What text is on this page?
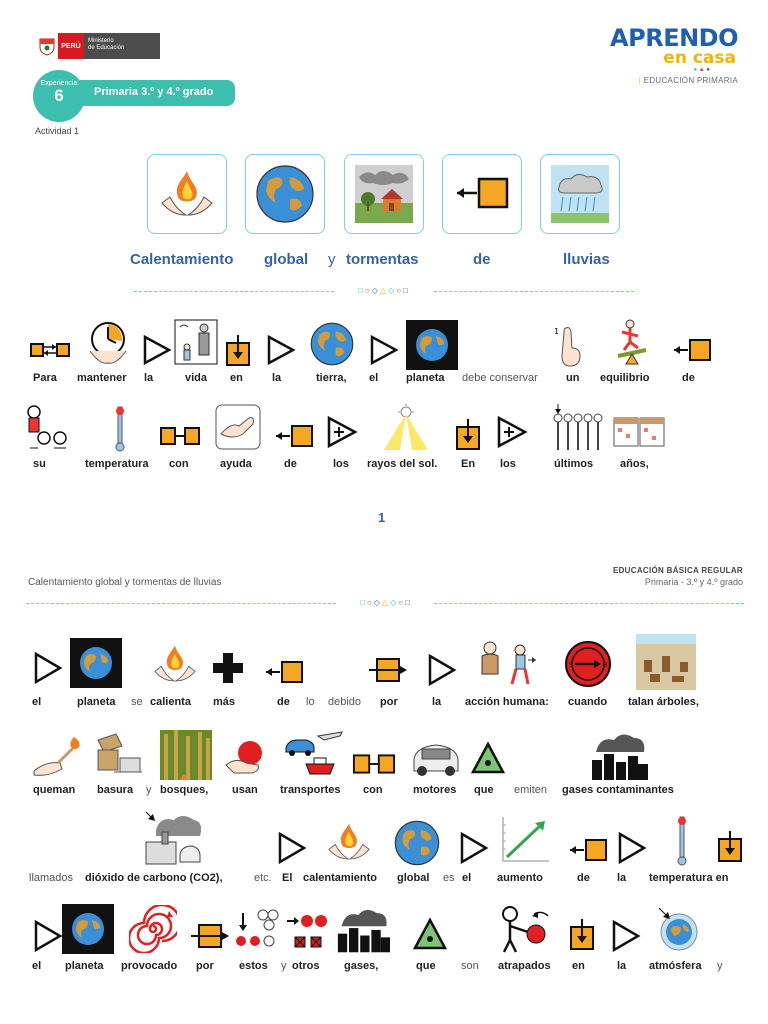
PERÚ
Ministerio
de Educación	APRENDO
en casa
● ▲ ●
| EDUCACIÓN PRIMARIA
Primaria 3.º y 4.º grado
Experiencia
6
Actividad 1
Calentamiento global y tormentas	de	lluvias
□○◇△◇○□
1
Para mantener la	vida en	la	tierra, el	planeta debe conservar	un equilibrio	de
su	temperatura con	ayuda	de	los rayos del sol. En los	últimos años,
1
Calentamiento global y tormentas de lluvias
EDUCACIÓN BÁSICA REGULAR
Primaria - 3.º y 4.º grado
□○◇△◇○□
9	3
el	planeta se calienta más	de lo debido por	la acción humana: cuando talan árboles,
queman basura y bosques, usan transportes con	motores que emiten gases contaminantes
llamados dióxido de carbono (CO2),	etc. El calentamiento global es el aumento	de la temperatura en
el planeta provocado por estos y otros gases,	que son atrapados en	la atmósfera y
